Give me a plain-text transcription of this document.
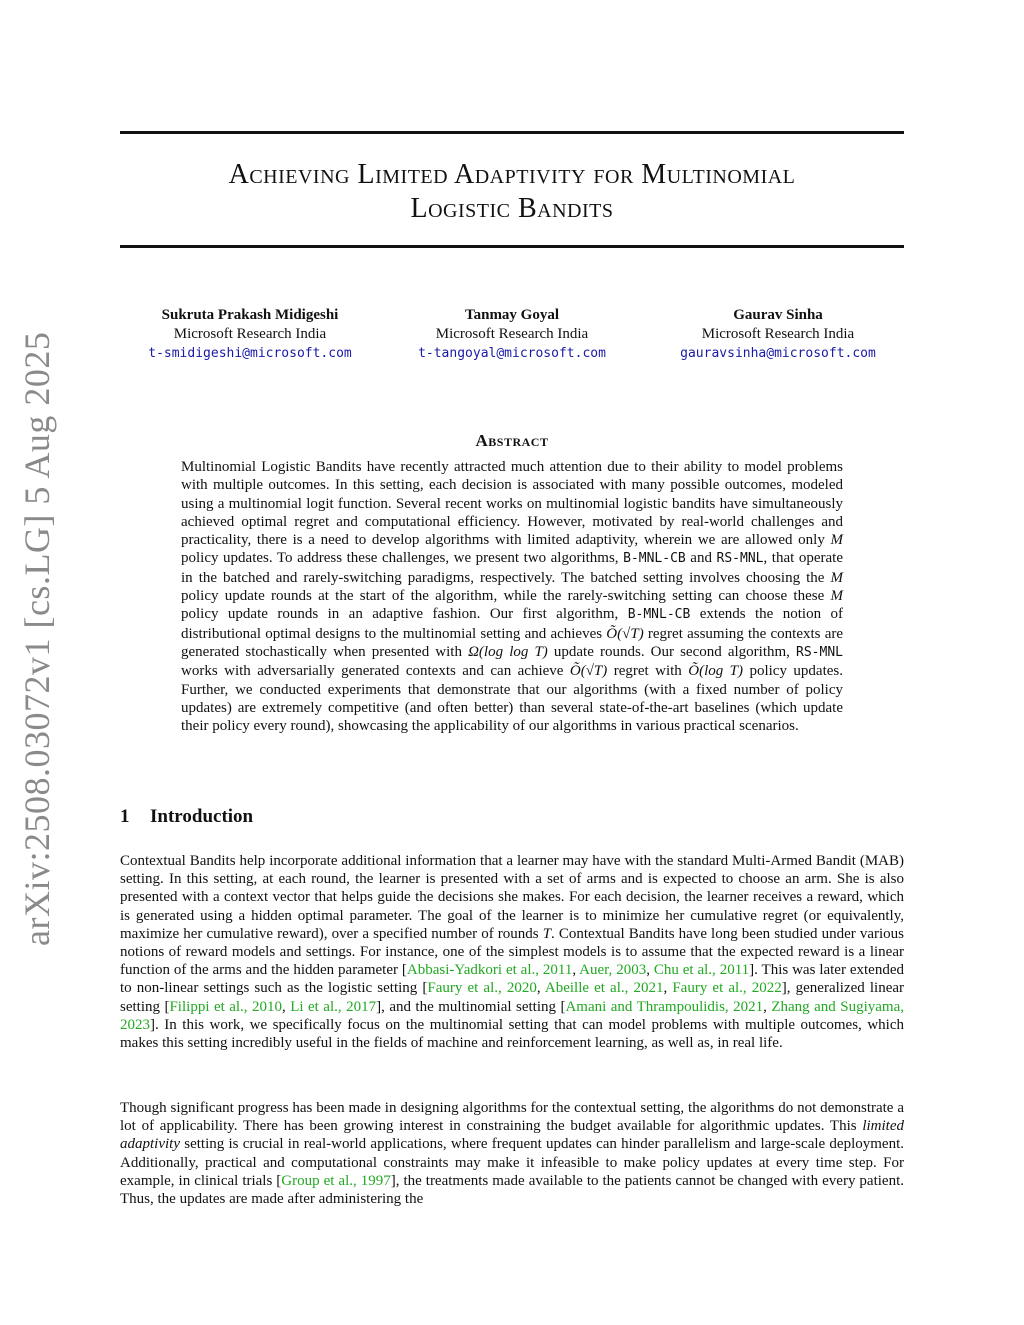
arXiv:2508.03072v1 [cs.LG] 5 Aug 2025
Achieving Limited Adaptivity for Multinomial
Logistic Bandits
Sukruta Prakash Midigeshi
Microsoft Research India
t-smidigeshi@microsoft.com
Tanmay Goyal
Microsoft Research India
t-tangoyal@microsoft.com
Gaurav Sinha
Microsoft Research India
gauravsinha@microsoft.com
Abstract
Multinomial Logistic Bandits have recently attracted much attention due to their ability to model problems with multiple outcomes. In this setting, each decision is associated with many possible outcomes, modeled using a multinomial logit function. Several recent works on multinomial logistic bandits have simultaneously achieved optimal regret and computational efficiency. However, motivated by real-world challenges and practicality, there is a need to develop algorithms with limited adaptivity, wherein we are allowed only M policy updates. To address these challenges, we present two algorithms, B-MNL-CB and RS-MNL, that operate in the batched and rarely-switching paradigms, respectively. The batched setting involves choosing the M policy update rounds at the start of the algorithm, while the rarely-switching setting can choose these M policy update rounds in an adaptive fashion. Our first algorithm, B-MNL-CB extends the notion of distributional optimal designs to the multinomial setting and achieves Õ(√T) regret assuming the contexts are generated stochastically when presented with Ω(log log T) update rounds. Our second algorithm, RS-MNL works with adversarially generated contexts and can achieve Õ(√T) regret with Õ(log T) policy updates. Further, we conducted experiments that demonstrate that our algorithms (with a fixed number of policy updates) are extremely competitive (and often better) than several state-of-the-art baselines (which update their policy every round), showcasing the applicability of our algorithms in various practical scenarios.
1 Introduction
Contextual Bandits help incorporate additional information that a learner may have with the standard Multi-Armed Bandit (MAB) setting. In this setting, at each round, the learner is presented with a set of arms and is expected to choose an arm. She is also presented with a context vector that helps guide the decisions she makes. For each decision, the learner receives a reward, which is generated using a hidden optimal parameter. The goal of the learner is to minimize her cumulative regret (or equivalently, maximize her cumulative reward), over a specified number of rounds T. Contextual Bandits have long been studied under various notions of reward models and settings. For instance, one of the simplest models is to assume that the expected reward is a linear function of the arms and the hidden parameter [Abbasi-Yadkori et al., 2011, Auer, 2003, Chu et al., 2011]. This was later extended to non-linear settings such as the logistic setting [Faury et al., 2020, Abeille et al., 2021, Faury et al., 2022], generalized linear setting [Filippi et al., 2010, Li et al., 2017], and the multinomial setting [Amani and Thrampoulidis, 2021, Zhang and Sugiyama, 2023]. In this work, we specifically focus on the multinomial setting that can model problems with multiple outcomes, which makes this setting incredibly useful in the fields of machine and reinforcement learning, as well as, in real life.
Though significant progress has been made in designing algorithms for the contextual setting, the algorithms do not demonstrate a lot of applicability. There has been growing interest in constraining the budget available for algorithmic updates. This limited adaptivity setting is crucial in real-world applications, where frequent updates can hinder parallelism and large-scale deployment. Additionally, practical and computational constraints may make it infeasible to make policy updates at every time step. For example, in clinical trials [Group et al., 1997], the treatments made available to the patients cannot be changed with every patient. Thus, the updates are made after administering the
